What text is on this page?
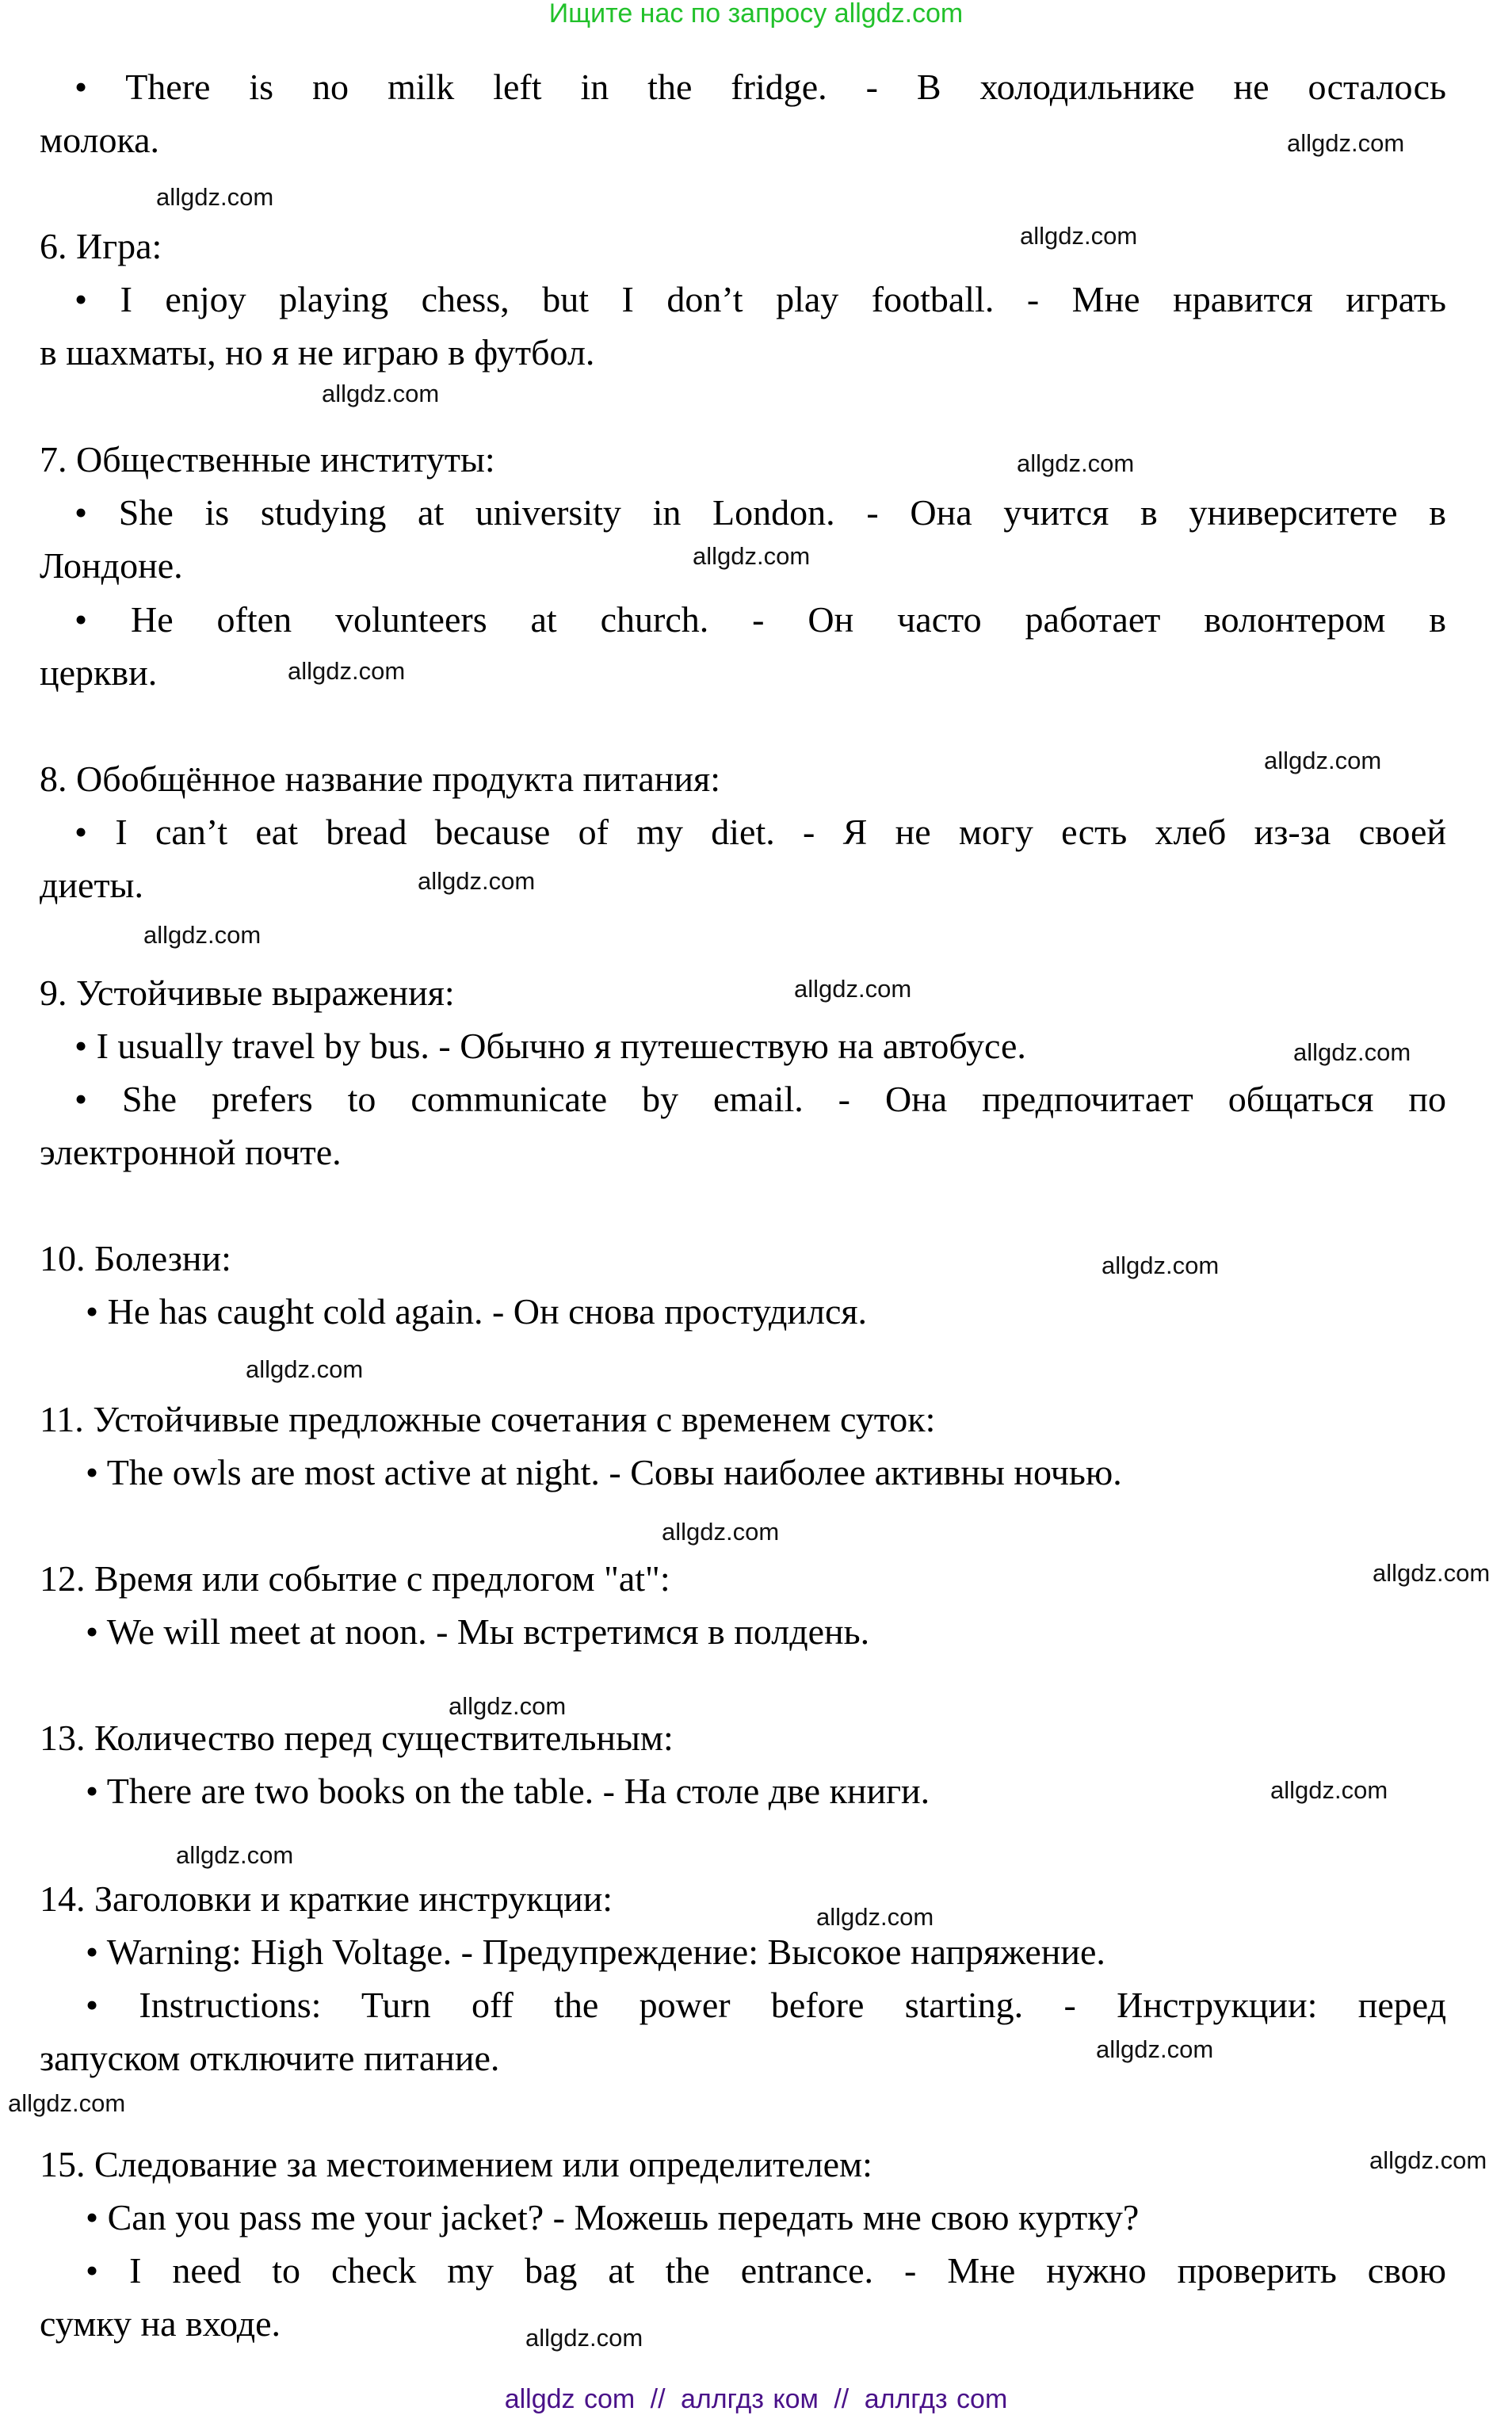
Ищите нас по запросу allgdz.com
• There is no milk left in the fridge. - В холодильнике не осталось
молока.
6. Игра:
• I enjoy playing chess, but I don’t play football. - Мне нравится играть
в шахматы, но я не играю в футбол.
7. Общественные институты:
• She is studying at university in London. - Она учится в университете в
Лондоне.
• He often volunteers at church. - Он часто работает волонтером в
церкви.
8. Обобщённое название продукта питания:
• I can’t eat bread because of my diet. - Я не могу есть хлеб из-за своей
диеты.
9. Устойчивые выражения:
• I usually travel by bus. - Обычно я путешествую на автобусе.
• She prefers to communicate by email. - Она предпочитает общаться по
электронной почте.
10. Болезни:
• He has caught cold again. - Он снова простудился.
11. Устойчивые предложные сочетания с временем суток:
• The owls are most active at night. - Совы наиболее активны ночью.
12. Время или событие с предлогом "at":
• We will meet at noon. - Мы встретимся в полдень.
13. Количество перед существительным:
• There are two books on the table. - На столе две книги.
14. Заголовки и краткие инструкции:
• Warning: High Voltage. - Предупреждение: Высокое напряжение.
• Instructions: Turn off the power before starting. - Инструкции: перед
запуском отключите питание.
15. Следование за местоимением или определителем:
• Can you pass me your jacket? - Можешь передать мне свою куртку?
• I need to check my bag at the entrance. - Мне нужно проверить свою
сумку на входе.
allgdz.com
allgdz.com
allgdz.com
allgdz.com
allgdz.com
allgdz.com
allgdz.com
allgdz.com
allgdz.com
allgdz.com
allgdz.com
allgdz.com
allgdz.com
allgdz.com
allgdz.com
allgdz.com
allgdz.com
allgdz.com
allgdz.com
allgdz.com
allgdz.com
allgdz.com
allgdz.com
allgdz.com
allgdz com // аллгдз ком // аллгдз com
